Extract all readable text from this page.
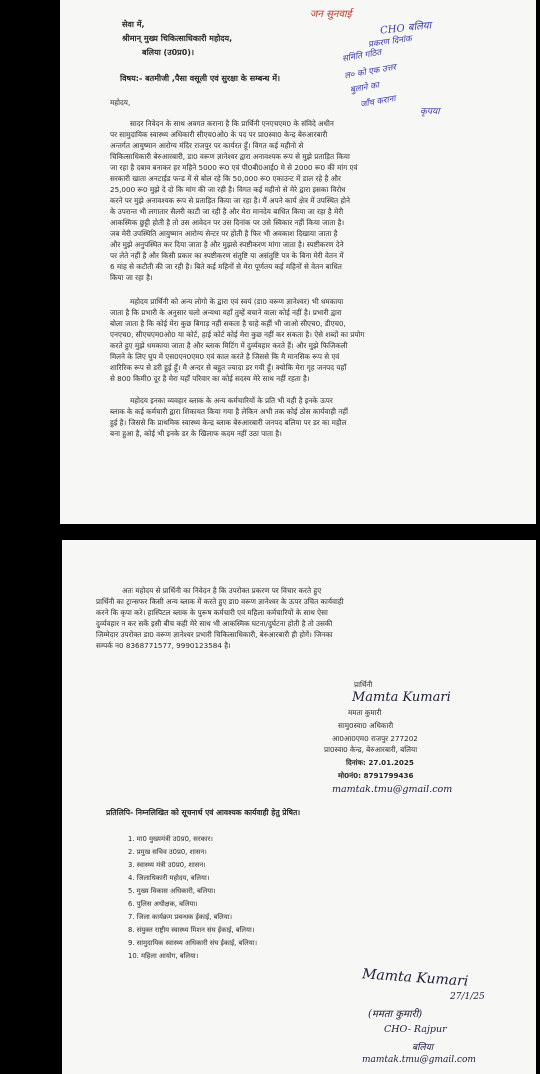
सेवा में,
श्रीमान् मुख्य चिकित्साधिकारी महोदय,
बलिया (उ0प्र0)।
विषय:- बतमीजी ,पैसा वसूली एवं सुरक्षा के सम्बन्ध में।
महोदय,
सादर निवेदन के साथ अवगत कराना है कि प्रार्थिनी एनएचएम0 के संविदे अधीन
पर सामुदायिक स्वास्थ्य अधिकारी सीएच0ओ0 के पद पर प्रा0स्वा0 केन्द्र बेरुआरबारी
अन्तर्गत आयुष्मान आरोग्य मंदिर राजपुर पर कार्यरत हूँ। विगत कई महीनो से
चिकित्साधिकारी बेरुआरबारी, डा0 वरूण ज्ञानेश्वर द्वारा अनावश्यक रूप से मुझे प्रताड़ित किया
जा रहा है दबाव बनाकर हर महिने 5000 रू0 एवं पी0बी0आई0 मे से 2000 रू0 की मांग एवं
सरकारी खाता अनटाईड फन्ड में से बोल रहे कि 50,000 रू0 एकाउन्ट में डाल रहे है और
25,000 रू0 मुझे दे दो कि मांग की जा रही है। विगत कई महीनो से मेरे द्वारा इसका विरोध
करने पर मुझे अनावश्यक रूप से प्रताड़ित किया जा रहा है। मैं अपने कार्य क्षेत्र में उपस्थित होने
के उपरान्त भी लगातार सैलरी काटी जा रही है और मेरा मानदेय बाधित किया जा रहा है मेरी
आकस्मिक छुट्टी होती है तो उस आवेदन पर उस दिनांक पर उसे स्विकार नहीं किया जाता है।
जब मेरी उपस्थिति आयुष्मान आरोग्य सेन्टर पर होती है फिर भी अवकाश दिखाया जाता है
और मुझे अनुपस्थित कर दिया जाता है और मुझसे स्पष्टीकरण मांगा जाता है। स्पष्टीकरण देने
पर लेते नहीं है और किसी प्रकार का स्पष्टीकरण संतुष्टि या असंतुष्टि पत्र के बिना मेरी वेतन में
6 माह से कटौती की जा रही है। बिते कई महिनों से मेरा पूर्णतय कई महिनों से वेतन बाधित
किया जा रहा है।
महोदय प्रार्थिनी को अन्य लोगो के द्वारा एवं स्वयं (डा0 वरूण ज्ञानेश्वर) भी धमकाया
जाता है कि प्रभारी के अनुसार चलो अन्यथा यहाँ तुम्हें बचाने वाला कोई नहीं है। प्रभारी द्वारा
बोला जाता है कि कोई मेरा कुछ बिगाड़ नहीं सकता है चाहे कहीं भी जाओ सीएच0, डीएच0,
एनएच0, सीएचएम0ओ0 या कोर्ट, हाई कोर्ट कोई मेरा कुछ नहीं कर सकता है। ऐसे शब्दों का प्रयोग
करते हुए मुझे धमकाया जाता है और ब्लाक मिटिंग में दुर्व्यवहार करते हैं। और मुझे फिजिकली
मिलने के लिए घुप में एस0एन0एम0 एवं काल करते है जिससे कि मै मानसिक रूप से एवं
शारिरिक रूप से डरी हुई हूँ। मै अन्दर से बहुत ज्यादा डर गयी हूँ। क्योकि मेरा गृह जनपद यहाँ
से 800 किमी0 दूर है मेरा यहाँ परिवार का कोई सदस्य मेरे साथ नहीं रहता है।
महोदय इनका व्यवहार ब्लाक के अन्य कर्मचारियों के प्रति भी यही है इनके ऊपर
ब्लाक के कई कर्मचारी द्वारा शिकायत किया गया है लेकिन अभी तक कोई ठोस कार्यवाही नहीं
हुई है। जिससे कि प्राथमिक स्वास्थ्य केन्द्र ब्लाक बेरुआरबारी जनपद बलिया पर डर का महौल
बना हुआ है, कोई भी इनके डर के खिलाफ कदम नहीं उठा पाता है।
जन सुनवाई
CHO बलिया
प्रकरण दिनांक
समिति गठित
ल० को एक उत्तर
बुलाने का
जाँच कराना
कृपया
अतः महोदय से प्रार्थिनी का निवेदन है कि उपरोक्त प्रकरण पर विचार करते हुए
प्रार्थिनी का ट्रान्सफर किसी अन्य ब्लाक में करते हुए डा0 वरूण ज्ञानेश्वर के ऊपर उचित कार्यवाही
करने कि कृपा करे। हास्पिटल ब्लाक के पुरूष कर्मचारी एवं महिला कर्मचारियों के साथ ऐसा
दुर्व्यवहार न कर सकें इसी बीच कही मेरे साथ भी आकस्मिक घटना/दुर्घटना होती है तो उसकी
जिम्मेदार उपरोक्त डा0 वरूण ज्ञानेश्वर प्रभारी चिकित्साधिकारी, बेरुआरबारी ही होगें। जिनका
सम्पर्क न0 8368771577, 9990123584 है।
प्रार्थिनी
Mamta Kumari
ममता कुमारी
सामु0स्वा0 अधिकारी
आ0आ0एम0 राजपुर 277202
प्रा0स्वा0 केन्द्र, बेरुआरबारी, बलिया
दिनांक: 27.01.2025
मो0नं0: 8791799436
mamtak.tmu@gmail.com
प्रतिलिपि- निम्नलिखित को सूचनार्थ एवं आवश्यक कार्यवाही हेतु प्रेषित।
1. मा0 मुख्यमंत्री उ0प्र0, सरकार।
2. प्रमुख सचिव उ0प्र0, शासन।
3. स्वास्थ्य मंत्री उ0प्र0, शासन।
4. जिलाधिकारी महोदय, बलिया।
5. मुख्य विकास अधिकारी, बलिया।
6. पुलिस अधीक्षक, बलिया।
7. जिला कार्यक्रम प्रबन्धक ईकाई, बलिया।
8. संयुक्त राष्ट्रीय स्वास्थ्य मिशन संघ ईकाई, बलिया।
9. सामुदायिक स्वास्थ्य अधिकारी संघ ईकाई, बलिया।
10. महिला आयोग, बलिया।
Mamta Kumari
27/1/25
(ममता कुमारी)
CHO- Rajpur
बलिया
mamtak.tmu@gmail.com
